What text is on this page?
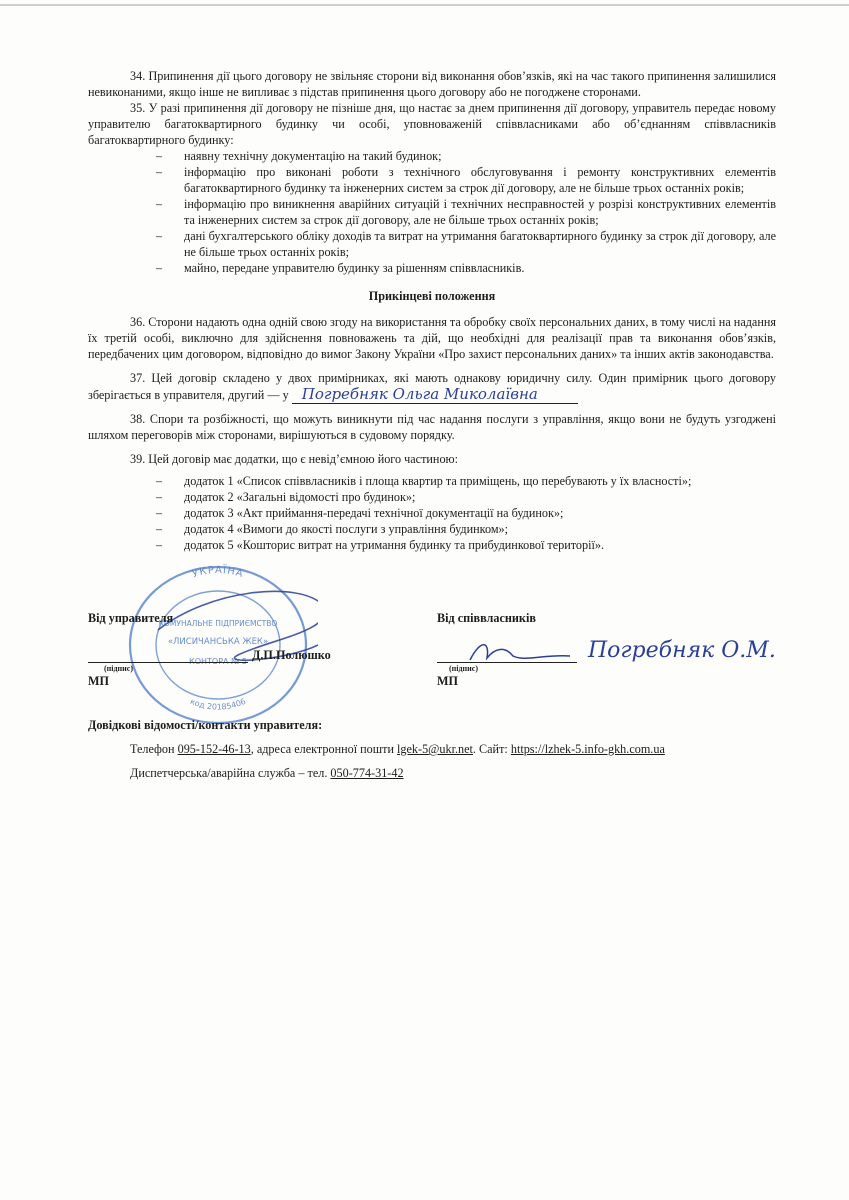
34. Припинення дії цього договору не звільняє сторони від виконання обов’язків, які на час такого припинення залишилися невиконаними, якщо інше не випливає з підстав припинення цього договору або не погоджене сторонами.

35. У разі припинення дії договору не пізніше дня, що настає за днем припинення дії договору, управитель передає новому управителю багатоквартирного будинку чи особі, уповноваженій співвласниками або об’єднанням співвласників багатоквартирного будинку:

– наявну технічну документацію на такий будинок;
– інформацію про виконані роботи з технічного обслуговування і ремонту конструктивних елементів багатоквартирного будинку та інженерних систем за строк дії договору, але не більше трьох останніх років;
– інформацію про виникнення аварійних ситуацій і технічних несправностей у розрізі конструктивних елементів та інженерних систем за строк дії договору, але не більше трьох останніх років;
– дані бухгалтерського обліку доходів та витрат на утримання багатоквартирного будинку за строк дії договору, але не більше трьох останніх років;
– майно, передане управителю будинку за рішенням співвласників.

Прикінцеві положення

36. Сторони надають одна одній свою згоду на використання та обробку своїх персональних даних, в тому числі на надання їх третій особі, виключно для здійснення повноважень та дій, що необхідні для реалізації прав та виконання обов’язків, передбачених цим договором, відповідно до вимог Закону України «Про захист персональних даних» та інших актів законодавства.

37. Цей договір складено у двох примірниках, які мають однакову юридичну силу. Один примірник цього договору зберігається в управителя, другий — у Погребняк Ольга Миколаївна

38. Спори та розбіжності, що можуть виникнути під час надання послуги з управління, якщо вони не будуть узгоджені шляхом переговорів між сторонами, вирішуються в судовому порядку.

39. Цей договір має додатки, що є невід’ємною його частиною:

– додаток 1 «Список співвласників і площа квартир та приміщень, що перебувають у їх власності»;
– додаток 2 «Загальні відомості про будинок»;
– додаток 3 «Акт приймання-передачі технічної документації на будинок»;
– додаток 4 «Вимоги до якості послуги з управління будинком»;
– додаток 5 «Кошторис витрат на утримання будинку та прибудинкової території».
УКРАЇНА
код 20185406
КОМУНАЛЬНЕ ПІДПРИЄМСТВО
«ЛИСИЧАНСЬКА ЖЕК»
КОНТОРА № 5
Від управителя
Д.П.Полюшко
(підпис)
МП
Від співвласників
(підпис)
МП
Погребняк О.М.
Довідкові відомості/контакти управителя:
Телефон 095-152-46-13, адреса електронної пошти lgek-5@ukr.net. Сайт: https://lzhek-5.info-gkh.com.ua
Диспетчерська/аварійна служба – тел. 050-774-31-42
